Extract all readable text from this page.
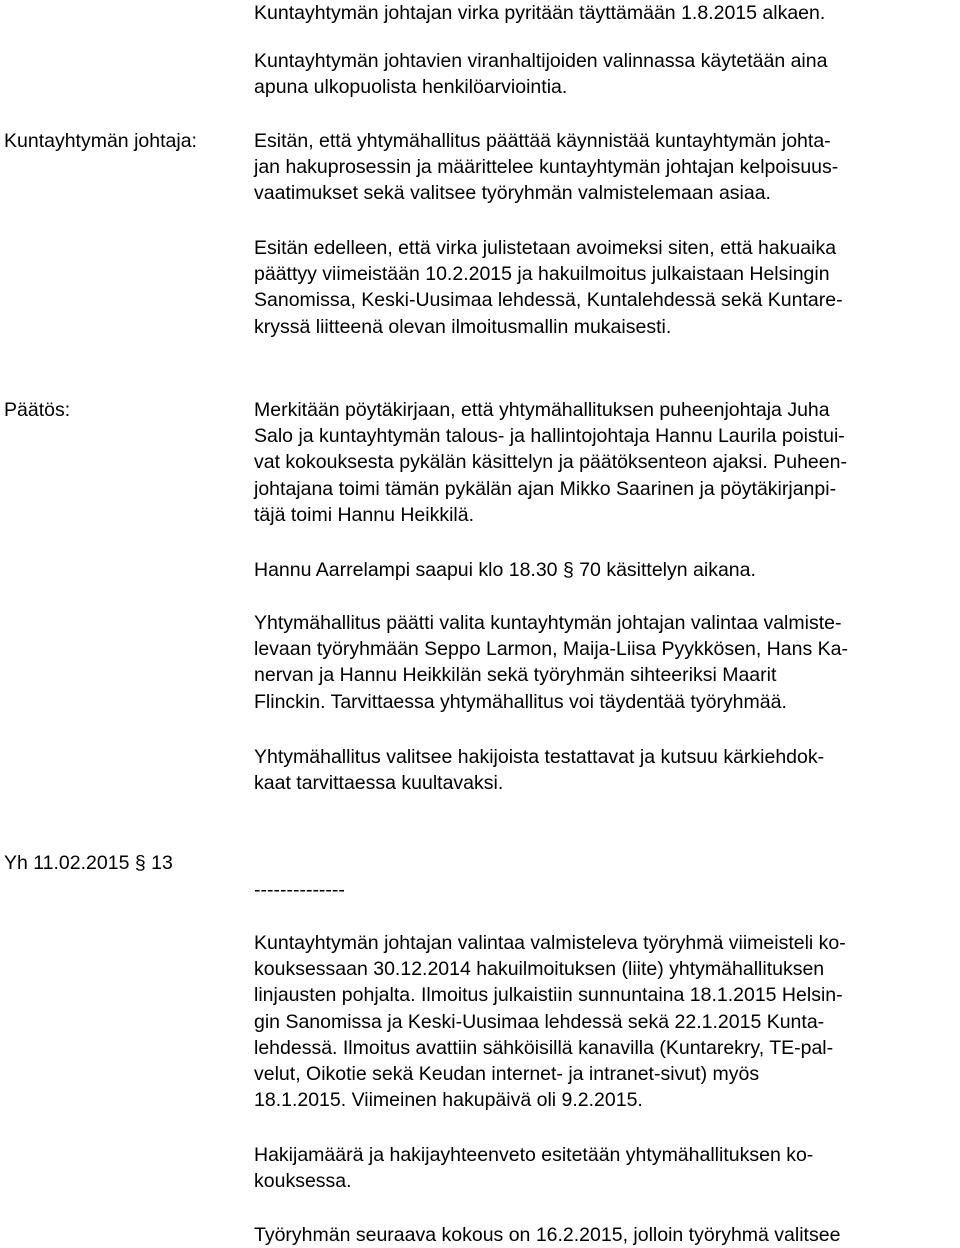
Kuntayhtymän johtajan virka pyritään täyttämään 1.8.2015 alkaen.
Kuntayhtymän johtavien viranhaltijoiden valinnassa käytetään aina
apuna ulkopuolista henkilöarviointia.
Kuntayhtymän johtaja:	Esitän, että yhtymähallitus päättää käynnistää kuntayhtymän johta-
jan hakuprosessin ja määrittelee kuntayhtymän johtajan kelpoisuus-
vaatimukset sekä valitsee työryhmän valmistelemaan asiaa.
Esitän edelleen, että virka julistetaan avoimeksi siten, että hakuaika
päättyy viimeistään 10.2.2015 ja hakuilmoitus julkaistaan Helsingin
Sanomissa, Keski-Uusimaa lehdessä, Kuntalehdessä sekä Kuntare-
kryssä liitteenä olevan ilmoitusmallin mukaisesti.
Päätös:	Merkitään pöytäkirjaan, että yhtymähallituksen puheenjohtaja Juha
Salo ja kuntayhtymän talous- ja hallintojohtaja Hannu Laurila poistui-
vat kokouksesta pykälän käsittelyn ja päätöksenteon ajaksi. Puheen-
johtajana toimi tämän pykälän ajan Mikko Saarinen ja pöytäkirjanpi-
täjä toimi Hannu Heikkilä.
Hannu Aarrelampi saapui klo 18.30 § 70 käsittelyn aikana.
Yhtymähallitus päätti valita kuntayhtymän johtajan valintaa valmiste-
levaan työryhmään Seppo Larmon, Maija-Liisa Pyykkösen, Hans Ka-
nervan ja Hannu Heikkilän sekä työryhmän sihteeriksi Maarit
Flinckin. Tarvittaessa yhtymähallitus voi täydentää työryhmää.
Yhtymähallitus valitsee hakijoista testattavat ja kutsuu kärkiehdok-
kaat tarvittaessa kuultavaksi.
Yh 11.02.2015 § 13
--------------
Kuntayhtymän johtajan valintaa valmisteleva työryhmä viimeisteli ko-
kouksessaan 30.12.2014 hakuilmoituksen (liite) yhtymähallituksen
linjausten pohjalta. Ilmoitus julkaistiin sunnuntaina 18.1.2015 Helsin-
gin Sanomissa ja Keski-Uusimaa lehdessä sekä 22.1.2015 Kunta-
lehdessä. Ilmoitus avattiin sähköisillä kanavilla (Kuntarekry, TE-pal-
velut, Oikotie sekä Keudan internet- ja intranet-sivut) myös
18.1.2015. Viimeinen hakupäivä oli 9.2.2015.
Hakijamäärä ja hakijayhteenveto esitetään yhtymähallituksen ko-
kouksessa.
Työryhmän seuraava kokous on 16.2.2015, jolloin työryhmä valitsee
